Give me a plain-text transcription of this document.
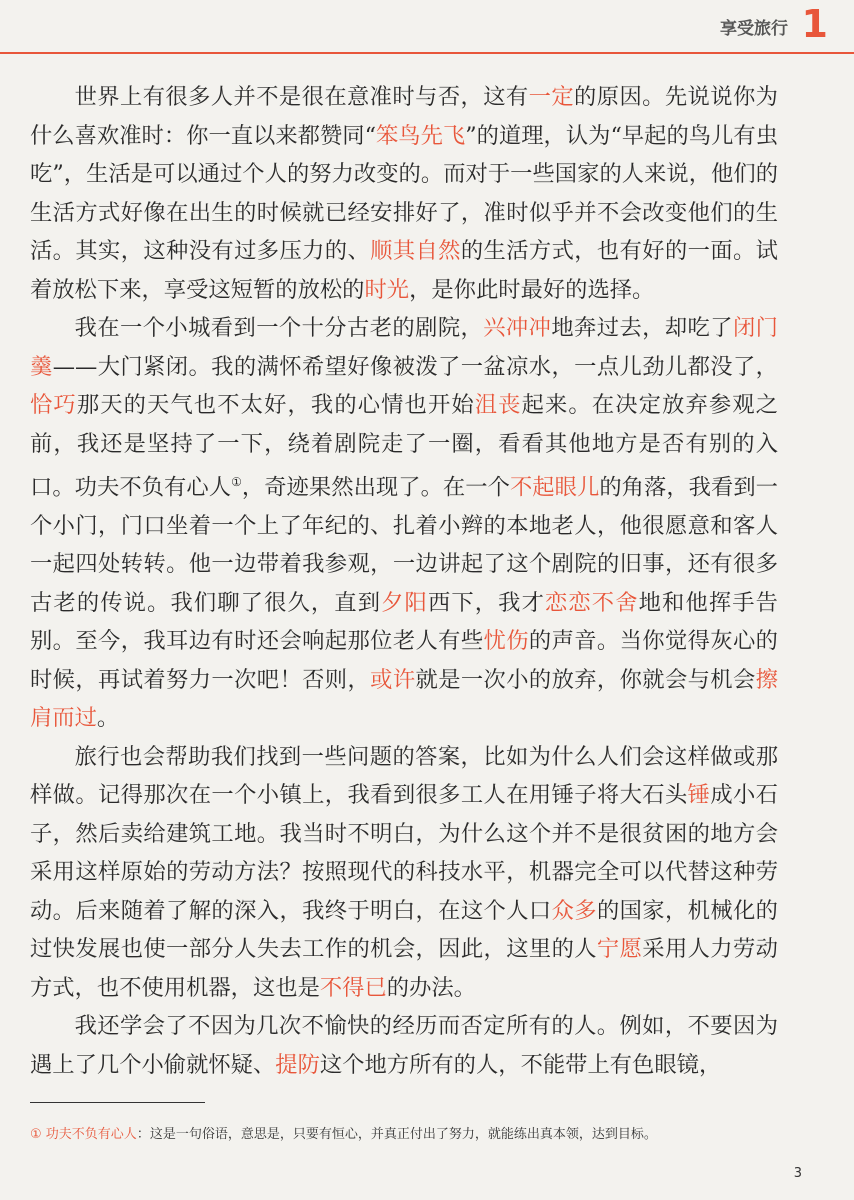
享受旅行 1

世界上有很多人并不是很在意准时与否，这有一定的原因。先说说你为什么喜欢准时：你一直以来都赞同“笨鸟先飞”的道理，认为“早起的鸟儿有虫吃”，生活是可以通过个人的努力改变的。而对于一些国家的人来说，他们的生活方式好像在出生的时候就已经安排好了，准时似乎并不会改变他们的生活。其实，这种没有过多压力的、顺其自然的生活方式，也有好的一面。试着放松下来，享受这短暂的放松的时光，是你此时最好的选择。

我在一个小城看到一个十分古老的剧院，兴冲冲地奔过去，却吃了闭门羹——大门紧闭。我的满怀希望好像被泼了一盆凉水，一点儿劲儿都没了，恰巧那天的天气也不太好，我的心情也开始沮丧起来。在决定放弃参观之前，我还是坚持了一下，绕着剧院走了一圈，看看其他地方是否有别的入口。功夫不负有心人①，奇迹果然出现了。在一个不起眼儿的角落，我看到一个小门，门口坐着一个上了年纪的、扎着小辫的本地老人，他很愿意和客人一起四处转转。他一边带着我参观，一边讲起了这个剧院的旧事，还有很多古老的传说。我们聊了很久，直到夕阳西下，我才恋恋不舍地和他挥手告别。至今，我耳边有时还会响起那位老人有些忧伤的声音。当你觉得灰心的时候，再试着努力一次吧！否则，或许就是一次小的放弃，你就会与机会擦肩而过。

旅行也会帮助我们找到一些问题的答案，比如为什么人们会这样做或那样做。记得那次在一个小镇上，我看到很多工人在用锤子将大石头锤成小石子，然后卖给建筑工地。我当时不明白，为什么这个并不是很贫困的地方会采用这样原始的劳动方法？按照现代的科技水平，机器完全可以代替这种劳动。后来随着了解的深入，我终于明白，在这个人口众多的国家，机械化的过快发展也使一部分人失去工作的机会，因此，这里的人宁愿采用人力劳动方式，也不使用机器，这也是不得已的办法。

我还学会了不因为几次不愉快的经历而否定所有的人。例如，不要因为遇上了几个小偷就怀疑、提防这个地方所有的人，不能带上有色眼镜，

① 功夫不负有心人：这是一句俗语，意思是，只要有恒心，并真正付出了努力，就能练出真本领，达到目标。
3
